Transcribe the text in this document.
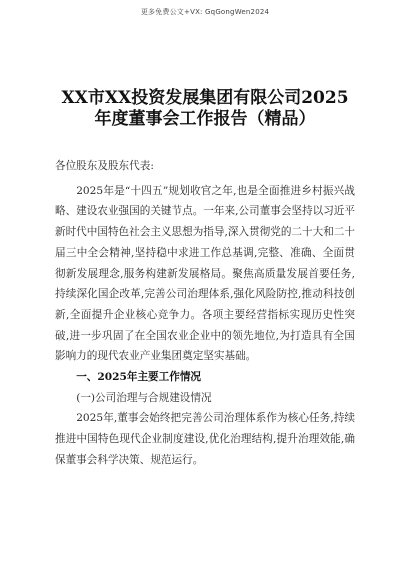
更多免费公文+VX: GqGongWen2024
XX市XX投资发展集团有限公司2025
年度董事会工作报告（精品）

各位股东及股东代表:

2025年是“十四五”规划收官之年,也是全面推进乡村振兴战略、建设农业强国的关键节点。一年来,公司董事会坚持以习近平新时代中国特色社会主义思想为指导,深入贯彻党的二十大和二十届三中全会精神,坚持稳中求进工作总基调,完整、准确、全面贯彻新发展理念,服务构建新发展格局。聚焦高质量发展首要任务,持续深化国企改革,完善公司治理体系,强化风险防控,推动科技创新,全面提升企业核心竞争力。各项主要经营指标实现历史性突破,进一步巩固了在全国农业企业中的领先地位,为打造具有全国影响力的现代农业产业集团奠定坚实基础。

一、2025年主要工作情况

(一)公司治理与合规建设情况

2025年,董事会始终把完善公司治理体系作为核心任务,持续推进中国特色现代企业制度建设,优化治理结构,提升治理效能,确保董事会科学决策、规范运行。
